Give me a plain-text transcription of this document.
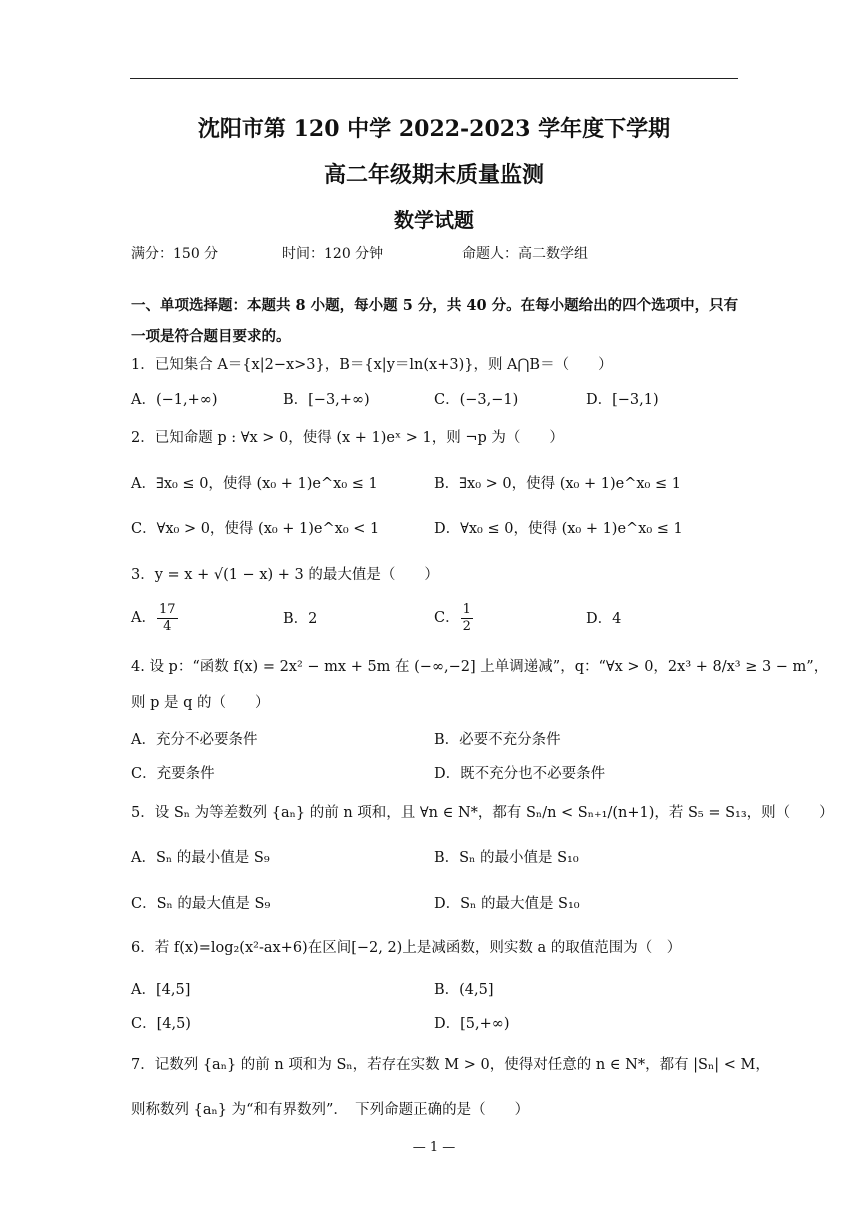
沈阳市第 120 中学 2022-2023 学年度下学期
高二年级期末质量监测
数学试题
满分：150 分	时间：120 分钟	命题人：高二数学组
一、单项选择题：本题共 8 小题，每小题 5 分，共 40 分。在每小题给出的四个选项中，只有一项是符合题目要求的。
1．已知集合 A＝{x|2−x>3}，B＝{x|y＝ln(x+3)}，则 A⋂B＝（　　）
A．(−1,+∞)	B．[−3,+∞)	C．(−3,−1)	D．[−3,1)
2．已知命题 p : ∀x > 0，使得 (x + 1)eˣ > 1，则 ¬p 为（　　）
A．∃x₀ ≤ 0，使得 (x₀ + 1)e^x₀ ≤ 1	B．∃x₀ > 0，使得 (x₀ + 1)e^x₀ ≤ 1
C．∀x₀ > 0，使得 (x₀ + 1)e^x₀ < 1	D．∀x₀ ≤ 0，使得 (x₀ + 1)e^x₀ ≤ 1
3．y = x + √(1 − x) + 3 的最大值是（　　）
A． $\frac{17}{4}$	B．2	C． $\frac{1}{2}$	D．4
4. 设 p：“函数 f(x) = 2x² − mx + 5m 在 (−∞,−2] 上单调递减”，q：“∀x > 0，2x³ + 8/x³ ≥ 3 − m”，
则 p 是 q 的（　　）
A．充分不必要条件	B．必要不充分条件
C．充要条件	D．既不充分也不必要条件
5．设 Sₙ 为等差数列 {aₙ} 的前 n 项和，且 ∀n ∈ N*，都有 Sₙ/n < Sₙ₊₁/(n+1)，若 S₅ = S₁₃，则（　　）
A．Sₙ 的最小值是 S₉	B．Sₙ 的最小值是 S₁₀
C．Sₙ 的最大值是 S₉	D．Sₙ 的最大值是 S₁₀
6．若 f(x)=log₂(x²-ax+6)在区间[−2, 2)上是减函数，则实数 a 的取值范围为（　）
A．[4,5]	B．(4,5]
C．[4,5)	D．[5,+∞)
7．记数列 {aₙ} 的前 n 项和为 Sₙ，若存在实数 M > 0，使得对任意的 n ∈ N*，都有 |Sₙ| < M，
则称数列 {aₙ} 为“和有界数列”．　下列命题正确的是（　　）
— 1 —
